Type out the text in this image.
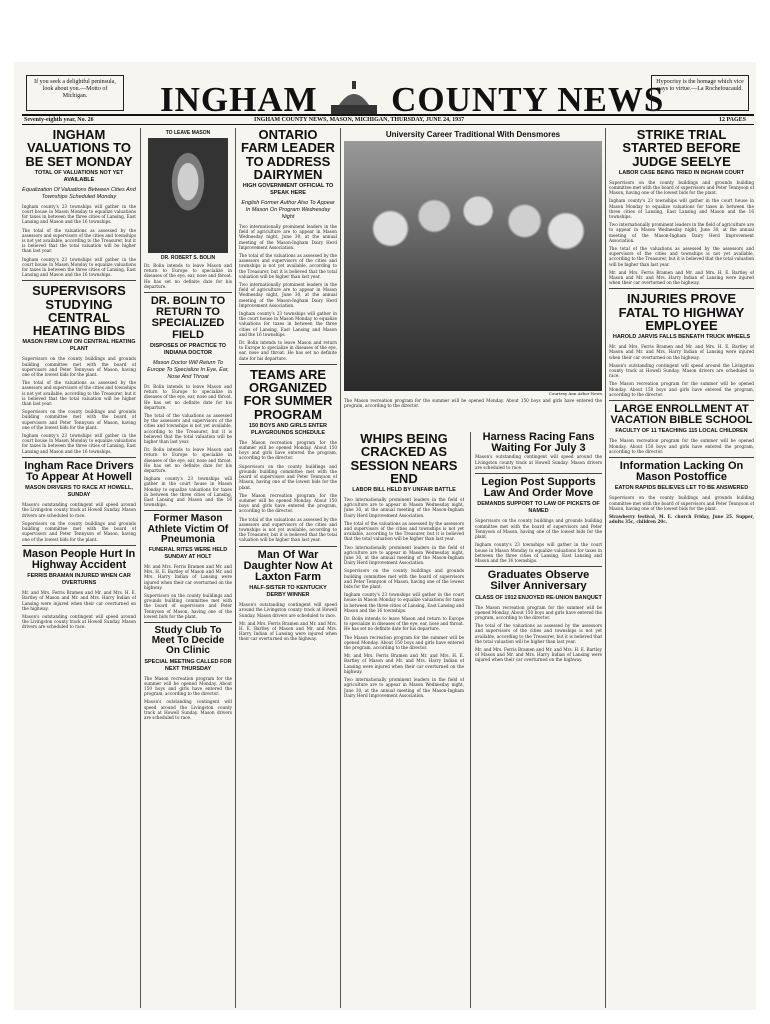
If you seek a delightful peninsula, look about you.—Motto of Michigan.	INGHAM COUNTY NEWS
Hypocrisy is the homage which vice pays to virtue.—La Rochefoucauld.
Seventy-eighth year, No. 26	INGHAM COUNTY NEWS, MASON, MICHIGAN, THURSDAY, JUNE 24, 1937	12 PAGES
INGHAM VALUATIONS TO BE SET MONDAY
TOTAL OF VALUATIONS NOT YET AVAILABLE
Equalization Of Valuations Between Cities And Townships Scheduled Monday

Ingham county's 23 townships will gather in the court house in Mason Monday to equalize valuations for taxes in between the three cities of Lansing, East Lansing and Mason and the 16 townships.

The total of the valuations as assessed by the assessors and supervisors of the cities and townships is not yet available, according to the Treasurer, but it is believed that the total valuation will be higher than last year.

Ingham county's 23 townships will gather in the court house in Mason Monday to equalize valuations for taxes in between the three cities of Lansing, East Lansing and Mason and the 16 townships.

SUPERVISORS STUDYING CENTRAL HEATING BIDS
MASON FIRM LOW ON CENTRAL HEATING PLANT

Supervisors on the county buildings and grounds building committee met with the board of supervisors and Peter Tennyson of Mason, having one of the lowest bids for the plant.

The total of the valuations as assessed by the assessors and supervisors of the cities and townships is not yet available, according to the Treasurer, but it is believed that the total valuation will be higher than last year.

Supervisors on the county buildings and grounds building committee met with the board of supervisors and Peter Tennyson of Mason, having one of the lowest bids for the plant.

Ingham county's 23 townships will gather in the court house in Mason Monday to equalize valuations for taxes in between the three cities of Lansing, East Lansing and Mason and the 16 townships.

Ingham Race Drivers To Appear At Howell
MASON DRIVERS TO RACE AT HOWELL, SUNDAY

Mason's outstanding contingent will speed around the Livingston county track at Howell Sunday. Mason drivers are scheduled to race.

Supervisors on the county buildings and grounds building committee met with the board of supervisors and Peter Tennyson of Mason, having one of the lowest bids for the plant.

Mason People Hurt In Highway Accident
FERRIS BRAMAN INJURED WHEN CAR OVERTURNS

Mr. and Mrs. Ferris Bramen and Mr. and Mrs. H. E. Bartley of Mason and Mr. and Mrs. Harry Indian of Lansing were injured when their car overturned on the highway.

Mason's outstanding contingent will speed around the Livingston county track at Howell Sunday. Mason drivers are scheduled to race.

TO LEAVE MASON
DR. ROBERT S. BOLIN

Dr. Bolin intends to leave Mason and return to Europe to specialize in diseases of the eye, ear, nose and throat. He has set no definite date for his departure.

DR. BOLIN TO RETURN TO SPECIALIZED FIELD
DISPOSES OF PRACTICE TO INDIANA DOCTOR
Mason Doctor Will Return To Europe To Specialize In Eye, Ear, Nose And Throat

Dr. Bolin intends to leave Mason and return to Europe to specialize in diseases of the eye, ear, nose and throat. He has set no definite date for his departure.

The total of the valuations as assessed by the assessors and supervisors of the cities and townships is not yet available, according to the Treasurer, but it is believed that the total valuation will be higher than last year.

Dr. Bolin intends to leave Mason and return to Europe to specialize in diseases of the eye, ear, nose and throat. He has set no definite date for his departure.

Ingham county's 23 townships will gather in the court house in Mason Monday to equalize valuations for taxes in between the three cities of Lansing, East Lansing and Mason and the 16 townships.

Former Mason Athlete Victim Of Pneumonia
FUNERAL RITES WERE HELD SUNDAY AT HOLT

Mr. and Mrs. Ferris Bramen and Mr. and Mrs. H. E. Bartley of Mason and Mr. and Mrs. Harry Indian of Lansing were injured when their car overturned on the highway.

Supervisors on the county buildings and grounds building committee met with the board of supervisors and Peter Tennyson of Mason, having one of the lowest bids for the plant.

Study Club To Meet To Decide On Clinic
SPECIAL MEETING CALLED FOR NEXT THURSDAY

The Mason recreation program for the summer will be opened Monday. About 150 boys and girls have entered the program, according to the director.

Mason's outstanding contingent will speed around the Livingston county track at Howell Sunday. Mason drivers are scheduled to race.

ONTARIO FARM LEADER TO ADDRESS DAIRYMEN
HIGH GOVERNMENT OFFICIAL TO SPEAK HERE
English Former Author Also To Appear In Mason On Program Wednesday Night

Two internationally prominent leaders in the field of agriculture are to appear in Mason Wednesday night, June 30, at the annual meeting of the Mason-Ingham Dairy Herd Improvement Association.

The total of the valuations as assessed by the assessors and supervisors of the cities and townships is not yet available, according to the Treasurer, but it is believed that the total valuation will be higher than last year.

Two internationally prominent leaders in the field of agriculture are to appear in Mason Wednesday night, June 30, at the annual meeting of the Mason-Ingham Dairy Herd Improvement Association.

Ingham county's 23 townships will gather in the court house in Mason Monday to equalize valuations for taxes in between the three cities of Lansing, East Lansing and Mason and the 16 townships.

Dr. Bolin intends to leave Mason and return to Europe to specialize in diseases of the eye, ear, nose and throat. He has set no definite date for his departure.

TEAMS ARE ORGANIZED FOR SUMMER PROGRAM
150 BOYS AND GIRLS ENTER PLAYGROUNDS SCHEDULE

The Mason recreation program for the summer will be opened Monday. About 150 boys and girls have entered the program, according to the director.

Supervisors on the county buildings and grounds building committee met with the board of supervisors and Peter Tennyson of Mason, having one of the lowest bids for the plant.

The Mason recreation program for the summer will be opened Monday. About 150 boys and girls have entered the program, according to the director.

The total of the valuations as assessed by the assessors and supervisors of the cities and townships is not yet available, according to the Treasurer, but it is believed that the total valuation will be higher than last year.

Man Of War Daughter Now At Laxton Farm
HALF-SISTER TO KENTUCKY DERBY WINNER

Mason's outstanding contingent will speed around the Livingston county track at Howell Sunday. Mason drivers are scheduled to race.

Mr. and Mrs. Ferris Bramen and Mr. and Mrs. H. E. Bartley of Mason and Mr. and Mrs. Harry Indian of Lansing were injured when their car overturned on the highway.

University Career Traditional With Densmores
Courtesy Ann Arbor News

The Mason recreation program for the summer will be opened Monday. About 150 boys and girls have entered the program, according to the director.

WHIPS BEING CRACKED AS SESSION NEARS END
LABOR BILL HELD BY UNFAIR BATTLE

Two internationally prominent leaders in the field of agriculture are to appear in Mason Wednesday night, June 30, at the annual meeting of the Mason-Ingham Dairy Herd Improvement Association.

The total of the valuations as assessed by the assessors and supervisors of the cities and townships is not yet available, according to the Treasurer, but it is believed that the total valuation will be higher than last year.

Two internationally prominent leaders in the field of agriculture are to appear in Mason Wednesday night, June 30, at the annual meeting of the Mason-Ingham Dairy Herd Improvement Association.

Supervisors on the county buildings and grounds building committee met with the board of supervisors and Peter Tennyson of Mason, having one of the lowest bids for the plant.

Ingham county's 23 townships will gather in the court house in Mason Monday to equalize valuations for taxes in between the three cities of Lansing, East Lansing and Mason and the 16 townships.

Dr. Bolin intends to leave Mason and return to Europe to specialize in diseases of the eye, ear, nose and throat. He has set no definite date for his departure.

The Mason recreation program for the summer will be opened Monday. About 150 boys and girls have entered the program, according to the director.

Mr. and Mrs. Ferris Bramen and Mr. and Mrs. H. E. Bartley of Mason and Mr. and Mrs. Harry Indian of Lansing were injured when their car overturned on the highway.

Two internationally prominent leaders in the field of agriculture are to appear in Mason Wednesday night, June 30, at the annual meeting of the Mason-Ingham Dairy Herd Improvement Association.

Harness Racing Fans Waiting For July 3

Mason's outstanding contingent will speed around the Livingston county track at Howell Sunday. Mason drivers are scheduled to race.

Legion Post Supports Law And Order Move
DEMANDS SUPPORT TO LAW OF PICKETS OF NAMED

Supervisors on the county buildings and grounds building committee met with the board of supervisors and Peter Tennyson of Mason, having one of the lowest bids for the plant.

Ingham county's 23 townships will gather in the court house in Mason Monday to equalize valuations for taxes in between the three cities of Lansing, East Lansing and Mason and the 16 townships.

Graduates Observe Silver Anniversary
CLASS OF 1912 ENJOYED RE-UNION BANQUET

The Mason recreation program for the summer will be opened Monday. About 150 boys and girls have entered the program, according to the director.

The total of the valuations as assessed by the assessors and supervisors of the cities and townships is not yet available, according to the Treasurer, but it is believed that the total valuation will be higher than last year.

Mr. and Mrs. Ferris Bramen and Mr. and Mrs. H. E. Bartley of Mason and Mr. and Mrs. Harry Indian of Lansing were injured when their car overturned on the highway.

STRIKE TRIAL STARTED BEFORE JUDGE SEELYE
LABOR CASE BEING TRIED IN INGHAM COURT

Supervisors on the county buildings and grounds building committee met with the board of supervisors and Peter Tennyson of Mason, having one of the lowest bids for the plant.

Ingham county's 23 townships will gather in the court house in Mason Monday to equalize valuations for taxes in between the three cities of Lansing, East Lansing and Mason and the 16 townships.

Two internationally prominent leaders in the field of agriculture are to appear in Mason Wednesday night, June 30, at the annual meeting of the Mason-Ingham Dairy Herd Improvement Association.

The total of the valuations as assessed by the assessors and supervisors of the cities and townships is not yet available, according to the Treasurer, but it is believed that the total valuation will be higher than last year.

Mr. and Mrs. Ferris Bramen and Mr. and Mrs. H. E. Bartley of Mason and Mr. and Mrs. Harry Indian of Lansing were injured when their car overturned on the highway.

INJURIES PROVE FATAL TO HIGHWAY EMPLOYEE
HAROLD JARVIS FALLS BENEATH TRUCK WHEELS

Mr. and Mrs. Ferris Bramen and Mr. and Mrs. H. E. Bartley of Mason and Mr. and Mrs. Harry Indian of Lansing were injured when their car overturned on the highway.

Mason's outstanding contingent will speed around the Livingston county track at Howell Sunday. Mason drivers are scheduled to race.

The Mason recreation program for the summer will be opened Monday. About 150 boys and girls have entered the program, according to the director.

LARGE ENROLLMENT AT VACATION BIBLE SCHOOL
FACULTY OF 11 TEACHING 115 LOCAL CHILDREN

The Mason recreation program for the summer will be opened Monday. About 150 boys and girls have entered the program, according to the director.

Information Lacking On Mason Postoffice
EATON RAPIDS BELIEVES LET TO BE ANSWERED

Supervisors on the county buildings and grounds building committee met with the board of supervisors and Peter Tennyson of Mason, having one of the lowest bids for the plant.

Strawberry festival, M. E. church Friday, June 25. Supper, adults 35c, children 20c.
